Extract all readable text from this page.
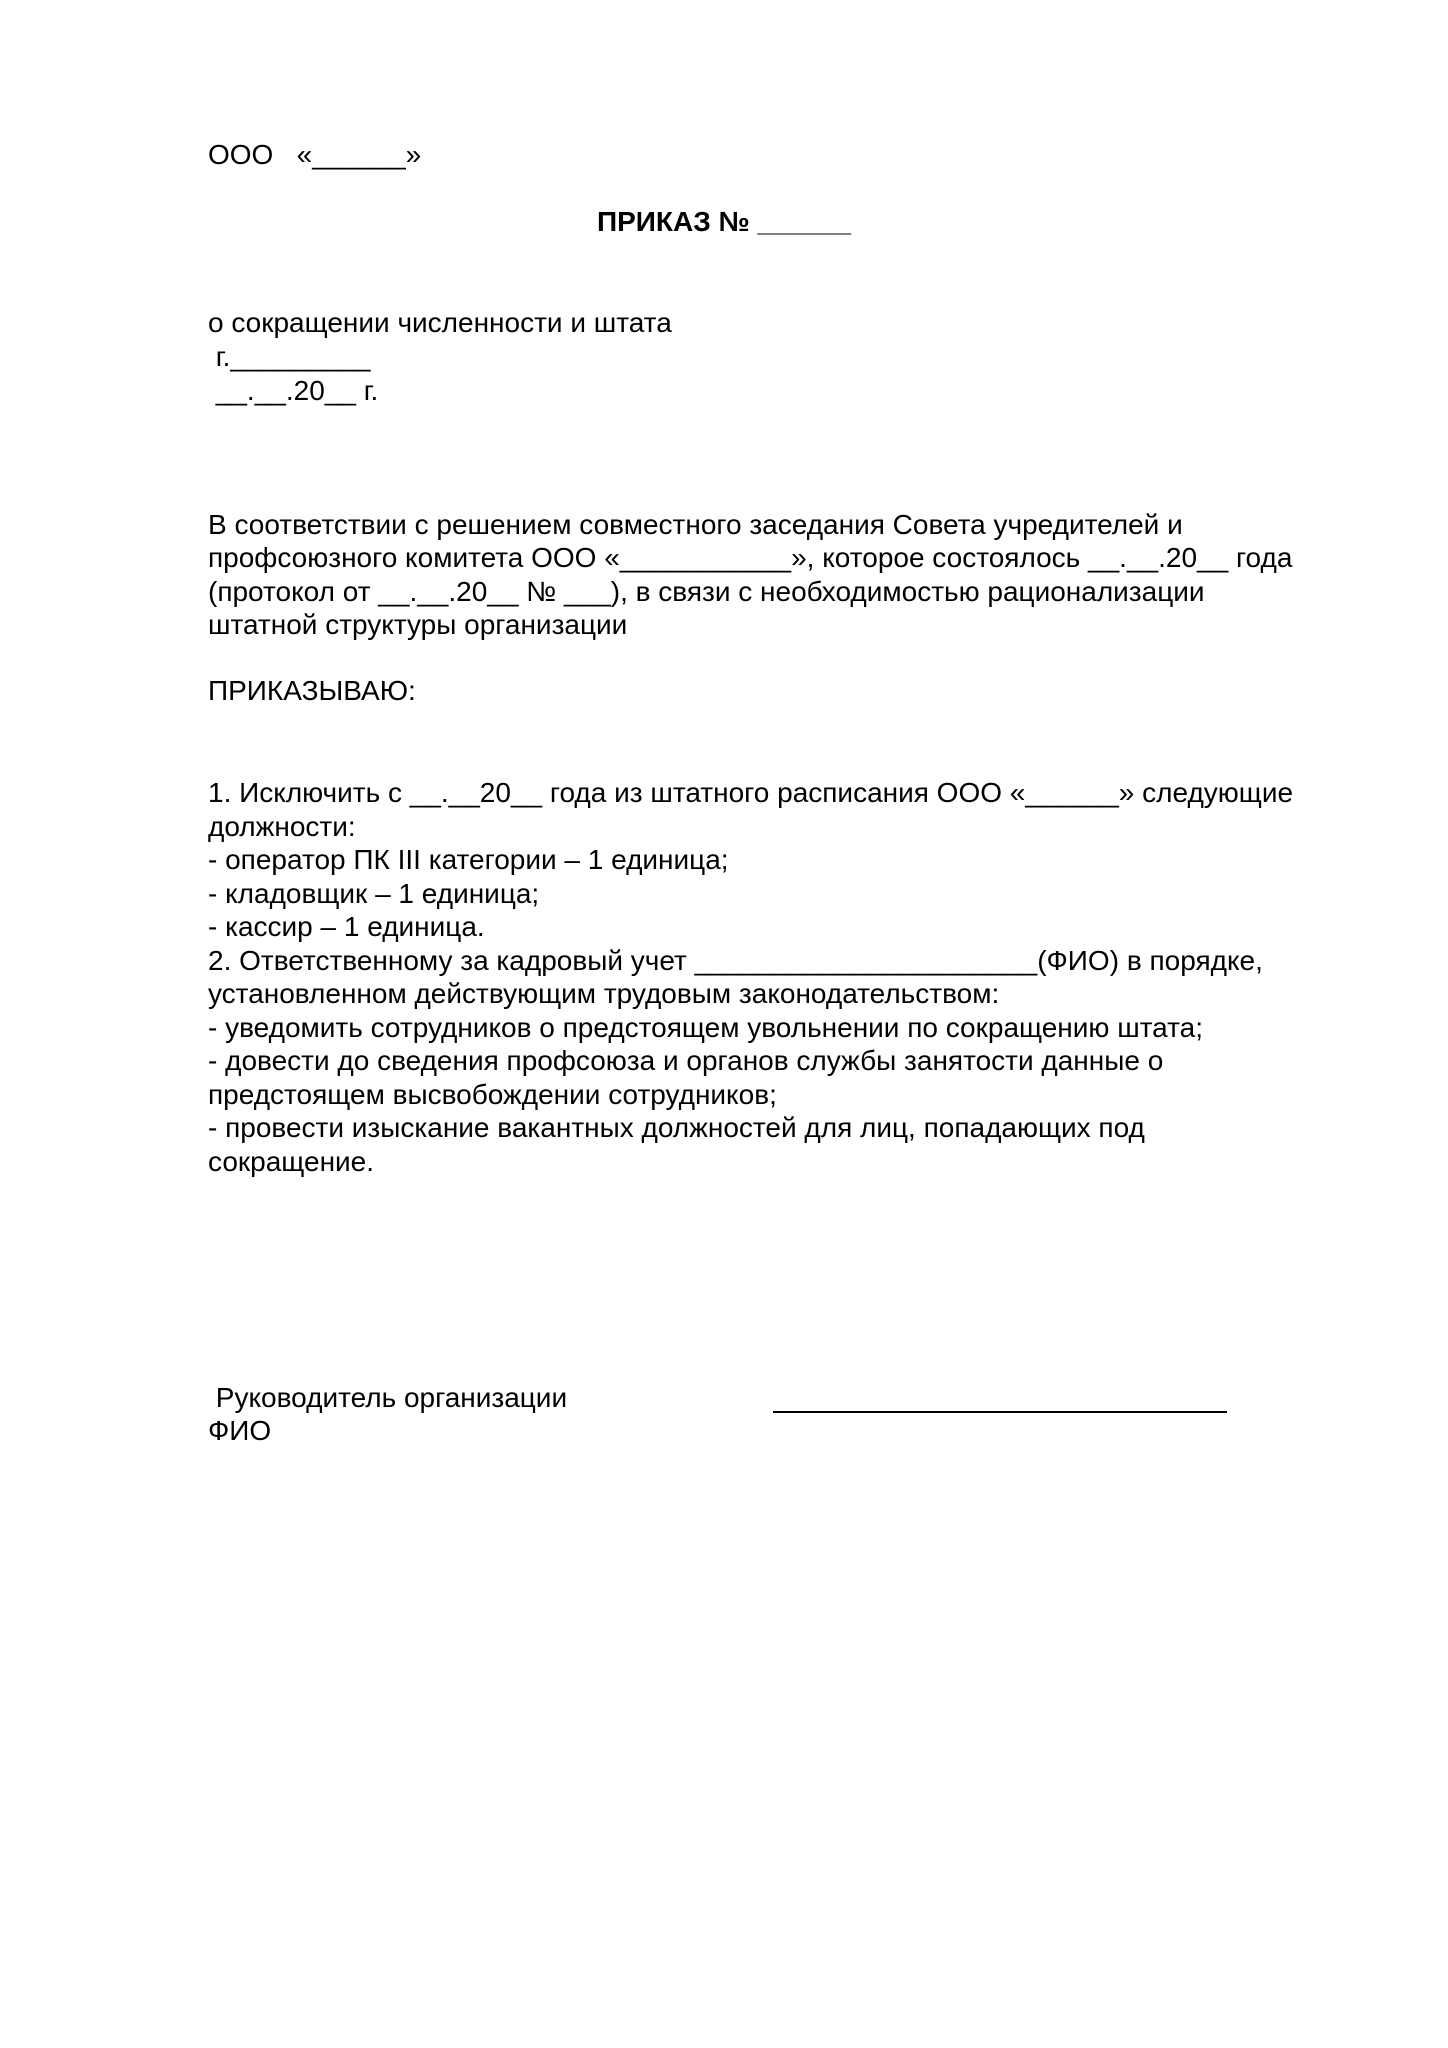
ООО   «______»

ПРИКАЗ № ______

о сокращении численности и штата

г._________

__.__.20__ г.

В соответствии с решением совместного заседания Совета учредителей и

профсоюзного комитета ООО «___________», которое состоялось __.__.20__ года

(протокол от __.__.20__ № ___), в связи с необходимостью рационализации

штатной структуры организации

ПРИКАЗЫВАЮ:

1. Исключить с __.__20__ года из штатного расписания ООО «______» следующие

должности:

- оператор ПК III категории – 1 единица;

- кладовщик – 1 единица;

- кассир – 1 единица.

2. Ответственному за кадровый учет ______________________(ФИО) в порядке,

установленном действующим трудовым законодательством:

- уведомить сотрудников о предстоящем увольнении по сокращению штата;

- довести до сведения профсоюза и органов службы занятости данные о

предстоящем высвобождении сотрудников;

- провести изыскание вакантных должностей для лиц, попадающих под

сокращение.

Руководитель организации

ФИО
